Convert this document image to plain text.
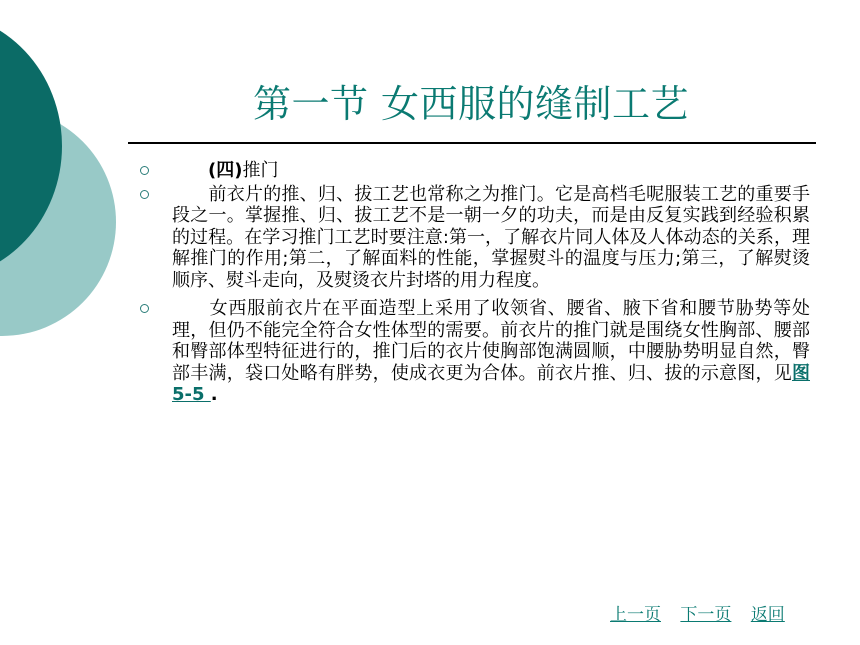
第一节 女西服的缝制工艺
　　(四)推门
　　前衣片的推、归、拔工艺也常称之为推门。它是高档毛呢服装工艺的重要手段之一。掌握推、归、拔工艺不是一朝一夕的功夫，而是由反复实践到经验积累的过程。在学习推门工艺时要注意:第一，了解衣片同人体及人体动态的关系，理解推门的作用;第二，了解面料的性能，掌握熨斗的温度与压力;第三，了解熨烫顺序、熨斗走向，及熨烫衣片封塔的用力程度。
　　女西服前衣片在平面造型上采用了收领省、腰省、腋下省和腰节胁势等处理，但仍不能完全符合女性体型的需要。前衣片的推门就是围绕女性胸部、腰部和臀部体型特征进行的，推门后的衣片使胸部饱满圆顺，中腰胁势明显自然，臀部丰满，袋口处略有胖势，使成衣更为合体。前衣片推、归、拔的示意图，见图5-5 .
上一页 下一页 返回
